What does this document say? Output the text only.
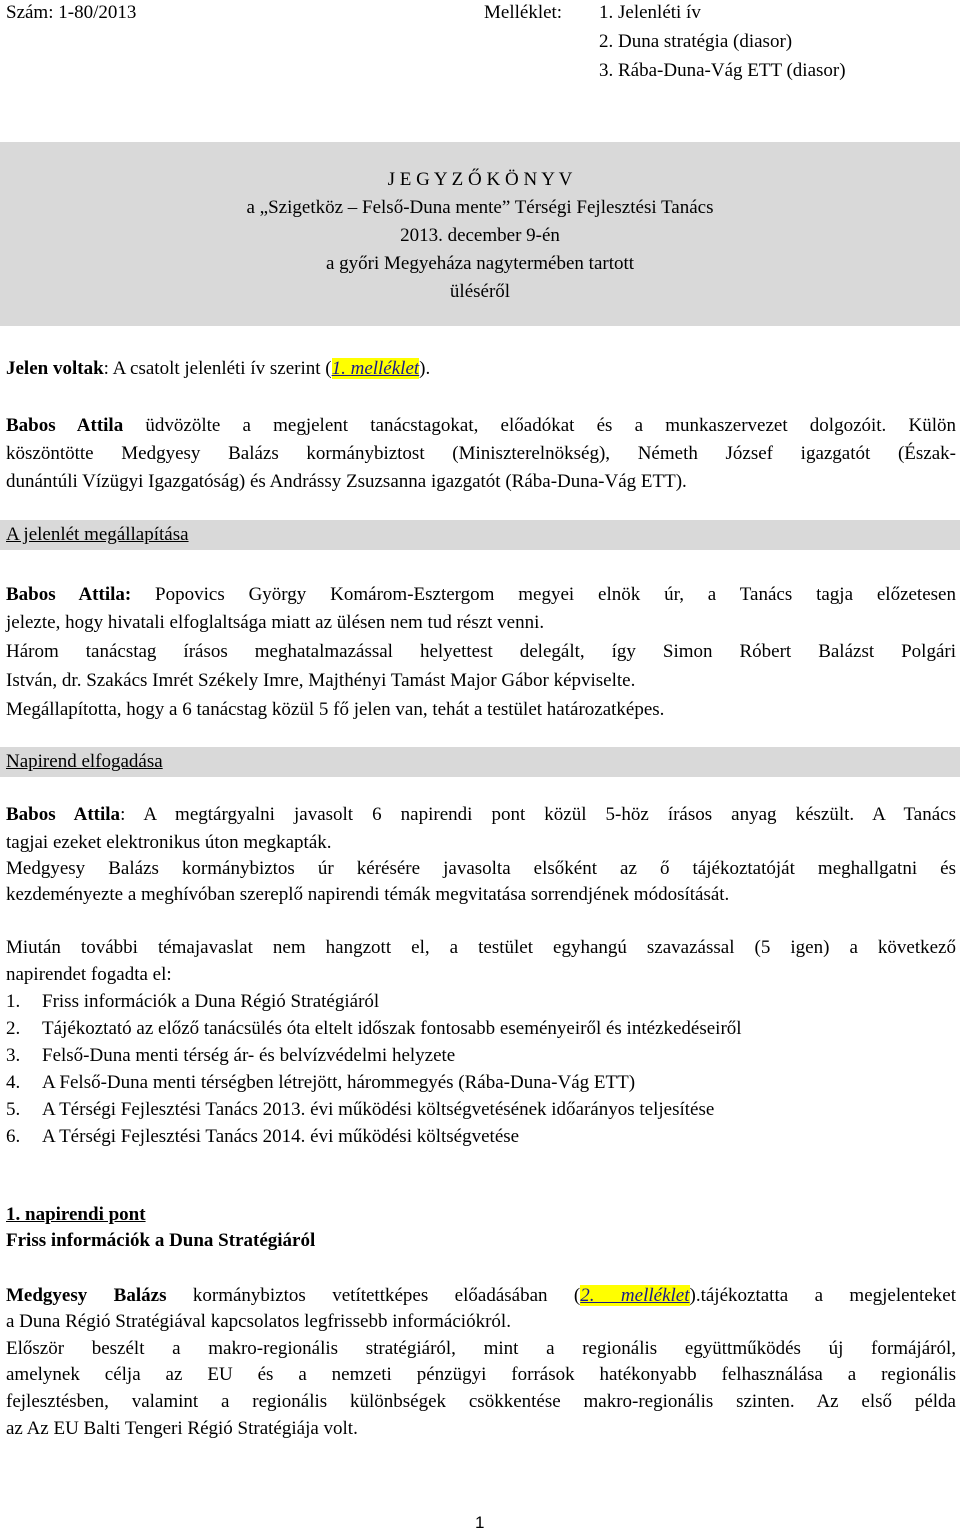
Szám: 1-80/2013	Melléklet: 1. Jelenléti ív
2. Duna stratégia (diasor)
3. Rába-Duna-Vág ETT (diasor)
J E G Y Z Ő K Ö N Y V
a „Szigetköz – Felső-Duna mente” Térségi Fejlesztési Tanács
2013. december 9-én
a győri Megyeháza nagytermében tartott
üléséről
Jelen voltak: A csatolt jelenléti ív szerint (1. melléklet).
Babos Attila üdvözölte a megjelent tanácstagokat, előadókat és a munkaszervezet dolgozóit. Külön
köszöntötte Medgyesy Balázs kormánybiztost (Miniszterelnökség), Németh József igazgatót (Észak-
dunántúli Vízügyi Igazgatóság) és Andrássy Zsuzsanna igazgatót (Rába-Duna-Vág ETT).
A jelenlét megállapítása
Babos Attila: Popovics György Komárom-Esztergom megyei elnök úr, a Tanács tagja előzetesen
jelezte, hogy hivatali elfoglaltsága miatt az ülésen nem tud részt venni.
Három tanácstag írásos meghatalmazással helyettest delegált, így Simon Róbert Balázst Polgári
István, dr. Szakács Imrét Székely Imre, Majthényi Tamást Major Gábor képviselte.
Megállapította, hogy a 6 tanácstag közül 5 fő jelen van, tehát a testület határozatképes.
Napirend elfogadása
Babos Attila: A megtárgyalni javasolt 6 napirendi pont közül 5-höz írásos anyag készült. A Tanács
tagjai ezeket elektronikus úton megkapták.
Medgyesy Balázs kormánybiztos úr kérésére javasolta elsőként az ő tájékoztatóját meghallgatni és
kezdeményezte a meghívóban szereplő napirendi témák megvitatása sorrendjének módosítását.
Miután további témajavaslat nem hangzott el, a testület egyhangú szavazással (5 igen) a következő
napirendet fogadta el:
1. Friss információk a Duna Régió Stratégiáról
2. Tájékoztató az előző tanácsülés óta eltelt időszak fontosabb eseményeiről és intézkedéseiről
3. Felső-Duna menti térség ár- és belvízvédelmi helyzete
4. A Felső-Duna menti térségben létrejött, hárommegyés (Rába-Duna-Vág ETT)
5. A Térségi Fejlesztési Tanács 2013. évi működési költségvetésének időarányos teljesítése
6. A Térségi Fejlesztési Tanács 2014. évi működési költségvetése
1. napirendi pont
Friss információk a Duna Stratégiáról
Medgyesy Balázs kormánybiztos vetítettképes előadásában (2. melléklet).tájékoztatta a megjelenteket
a Duna Régió Stratégiával kapcsolatos legfrissebb információkról.
Először beszélt a makro-regionális stratégiáról, mint a regionális együttműködés új formájáról,
amelynek célja az EU és a nemzeti pénzügyi források hatékonyabb felhasználása a regionális
fejlesztésben, valamint a regionális különbségek csökkentése makro-regionális szinten. Az első példa
az Az EU Balti Tengeri Régió Stratégiája volt.
1
